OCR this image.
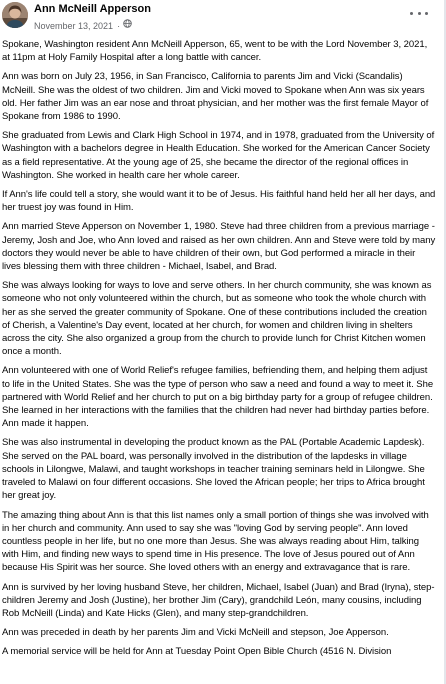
Ann McNeill Apperson
November 13, 2021 ·

Spokane, Washington resident Ann McNeill Apperson, 65, went to be with the Lord November 3, 2021, at 11pm at Holy Family Hospital after a long battle with cancer.

Ann was born on July 23, 1956, in San Francisco, California to parents Jim and Vicki (Scandalis) McNeill. She was the oldest of two children. Jim and Vicki moved to Spokane when Ann was six years old. Her father Jim was an ear nose and throat physician, and her mother was the first female Mayor of Spokane from 1986 to 1990.

She graduated from Lewis and Clark High School in 1974, and in 1978, graduated from the University of Washington with a bachelors degree in Health Education. She worked for the American Cancer Society as a field representative. At the young age of 25, she became the director of the regional offices in Washington. She worked in health care her whole career.

If Ann's life could tell a story, she would want it to be of Jesus. His faithful hand held her all her days, and her truest joy was found in Him.

Ann married Steve Apperson on November 1, 1980. Steve had three children from a previous marriage - Jeremy, Josh and Joe, who Ann loved and raised as her own children. Ann and Steve were told by many doctors they would never be able to have children of their own, but God performed a miracle in their lives blessing them with three children - Michael, Isabel, and Brad.

She was always looking for ways to love and serve others. In her church community, she was known as someone who not only volunteered within the church, but as someone who took the whole church with her as she served the greater community of Spokane. One of these contributions included the creation of Cherish, a Valentine's Day event, located at her church, for women and children living in shelters across the city. She also organized a group from the church to provide lunch for Christ Kitchen women once a month.

Ann volunteered with one of World Relief's refugee families, befriending them, and helping them adjust to life in the United States. She was the type of person who saw a need and found a way to meet it. She partnered with World Relief and her church to put on a big birthday party for a group of refugee children. She learned in her interactions with the families that the children had never had birthday parties before. Ann made it happen.

She was also instrumental in developing the product known as the PAL (Portable Academic Lapdesk). She served on the PAL board, was personally involved in the distribution of the lapdesks in village schools in Lilongwe, Malawi, and taught workshops in teacher training seminars held in Lilongwe. She traveled to Malawi on four different occasions. She loved the African people; her trips to Africa brought her great joy.

The amazing thing about Ann is that this list names only a small portion of things she was involved with in her church and community. Ann used to say she was "loving God by serving people". Ann loved countless people in her life, but no one more than Jesus. She was always reading about Him, talking with Him, and finding new ways to spend time in His presence. The love of Jesus poured out of Ann because His Spirit was her source. She loved others with an energy and extravagance that is rare.

Ann is survived by her loving husband Steve, her children, Michael, Isabel (Juan) and Brad (Iryna), step-children Jeremy and Josh (Justine), her brother Jim (Cary), grandchild León, many cousins, including Rob McNeill (Linda) and Kate Hicks (Glen), and many step-grandchildren.

Ann was preceded in death by her parents Jim and Vicki McNeill and stepson, Joe Apperson.

A memorial service will be held for Ann at Tuesday Point Open Bible Church (4516 N. Division
